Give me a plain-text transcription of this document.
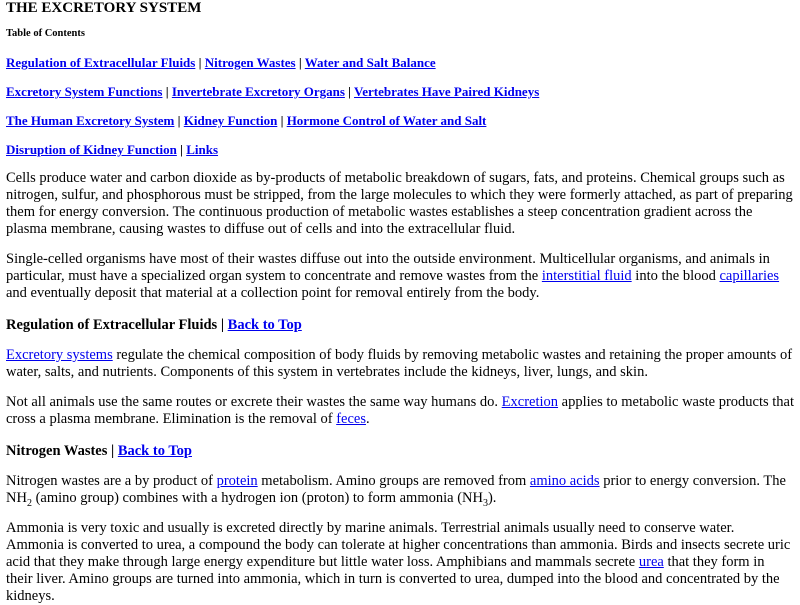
THE EXCRETORY SYSTEM
Table of Contents
Regulation of Extracellular Fluids | Nitrogen Wastes | Water and Salt Balance
Excretory System Functions | Invertebrate Excretory Organs | Vertebrates Have Paired Kidneys
The Human Excretory System | Kidney Function | Hormone Control of Water and Salt
Disruption of Kidney Function | Links

Cells produce water and carbon dioxide as by-products of metabolic breakdown of sugars, fats, and proteins. Chemical groups such as nitrogen, sulfur, and phosphorous must be stripped, from the large molecules to which they were formerly attached, as part of preparing them for energy conversion. The continuous production of metabolic wastes establishes a steep concentration gradient across the plasma membrane, causing wastes to diffuse out of cells and into the extracellular fluid.

Single-celled organisms have most of their wastes diffuse out into the outside environment. Multicellular organisms, and animals in particular, must have a specialized organ system to concentrate and remove wastes from the interstitial fluid into the blood capillaries and eventually deposit that material at a collection point for removal entirely from the body.

Regulation of Extracellular Fluids | Back to Top

Excretory systems regulate the chemical composition of body fluids by removing metabolic wastes and retaining the proper amounts of water, salts, and nutrients. Components of this system in vertebrates include the kidneys, liver, lungs, and skin.

Not all animals use the same routes or excrete their wastes the same way humans do. Excretion applies to metabolic waste products that cross a plasma membrane. Elimination is the removal of feces.

Nitrogen Wastes | Back to Top

Nitrogen wastes are a by product of protein metabolism. Amino groups are removed from amino acids prior to energy conversion. The $NH_2$ (amino group) combines with a hydrogen ion (proton) to form ammonia $(NH_3)$.

Ammonia is very toxic and usually is excreted directly by marine animals. Terrestrial animals usually need to conserve water. Ammonia is converted to urea, a compound the body can tolerate at higher concentrations than ammonia. Birds and insects secrete uric acid that they make through large energy expenditure but little water loss. Amphibians and mammals secrete urea that they form in their liver. Amino groups are turned into ammonia, which in turn is converted to urea, dumped into the blood and concentrated by the kidneys.
